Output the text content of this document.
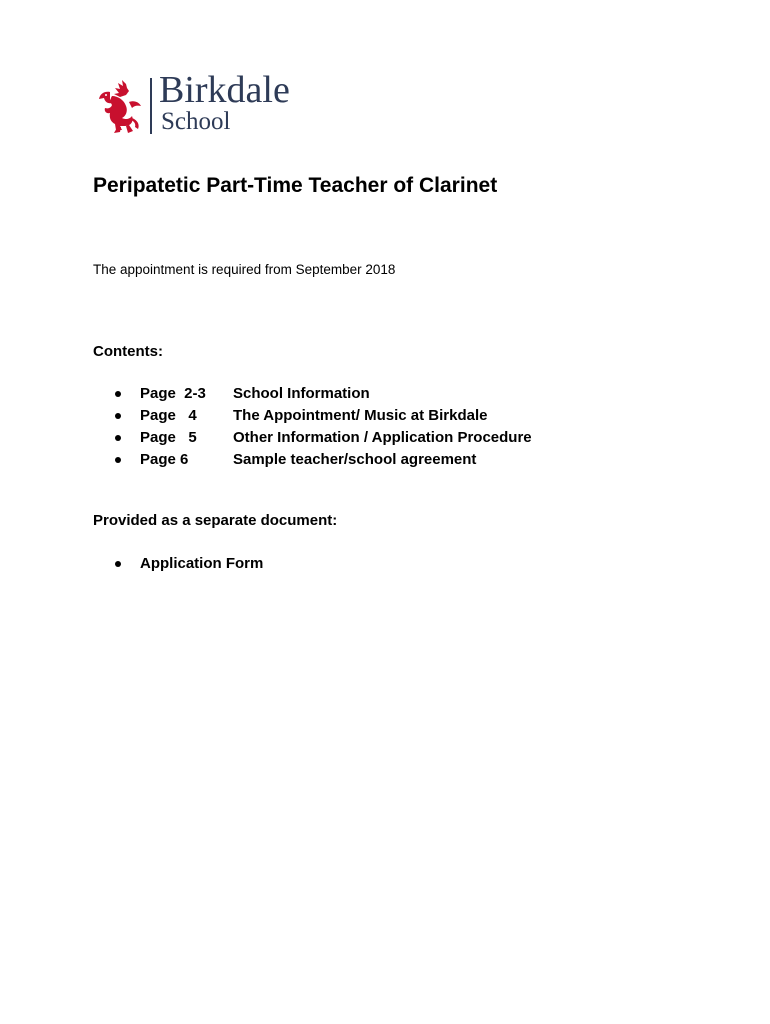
Birkdale
School
Peripatetic Part-Time Teacher of Clarinet

The appointment is required from September 2018

Contents:
Page  2-3 School Information
Page   4 The Appointment/ Music at Birkdale
Page   5 Other Information / Application Procedure
Page 6	Sample teacher/school agreement
Provided as a separate document:
Application Form
